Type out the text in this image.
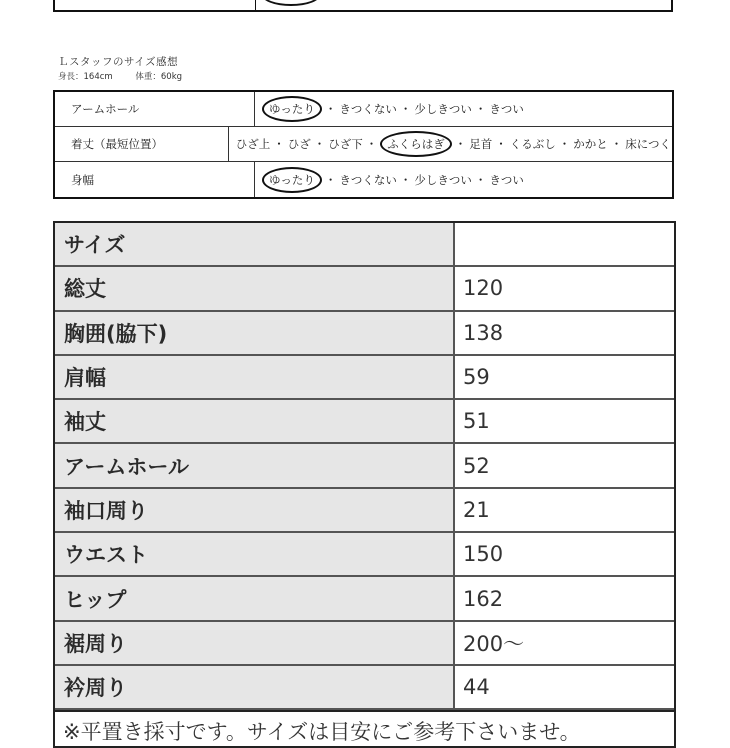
Ｌスタッフのサイズ感想
身長：164cm	体重：60kg
アームホール	ゆったり ・ きつくない ・ 少しきつい ・ きつい
着丈（最短位置）	ひざ上 ・ ひざ ・ ひざ下 ・ ふくらはぎ ・ 足首 ・ くるぶし ・ かかと ・ 床につく
身幅	ゆったり ・ きつくない ・ 少しきつい ・ きつい
サイズ
総丈	120
胸囲(脇下)	138
肩幅	59
袖丈	51
アームホール	52
袖口周り	21
ウエスト	150
ヒップ	162
裾周り	200～
衿周り	44
※平置き採寸です。サイズは目安にご参考下さいませ。
